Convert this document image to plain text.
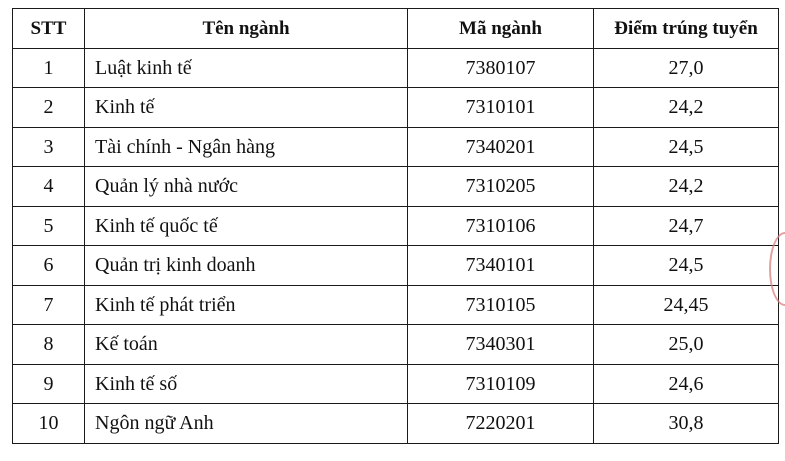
STT	Tên ngành	Mã ngành	Điểm trúng tuyển
1	Luật kinh tế	7380107	27,0
2	Kinh tế	7310101	24,2
3	Tài chính - Ngân hàng	7340201	24,5
4	Quản lý nhà nước	7310205	24,2
5	Kinh tế quốc tế	7310106	24,7
6	Quản trị kinh doanh	7340101	24,5
7	Kinh tế phát triển	7310105	24,45
8	Kế toán	7340301	25,0
9	Kinh tế số	7310109	24,6
10	Ngôn ngữ Anh	7220201	30,8
